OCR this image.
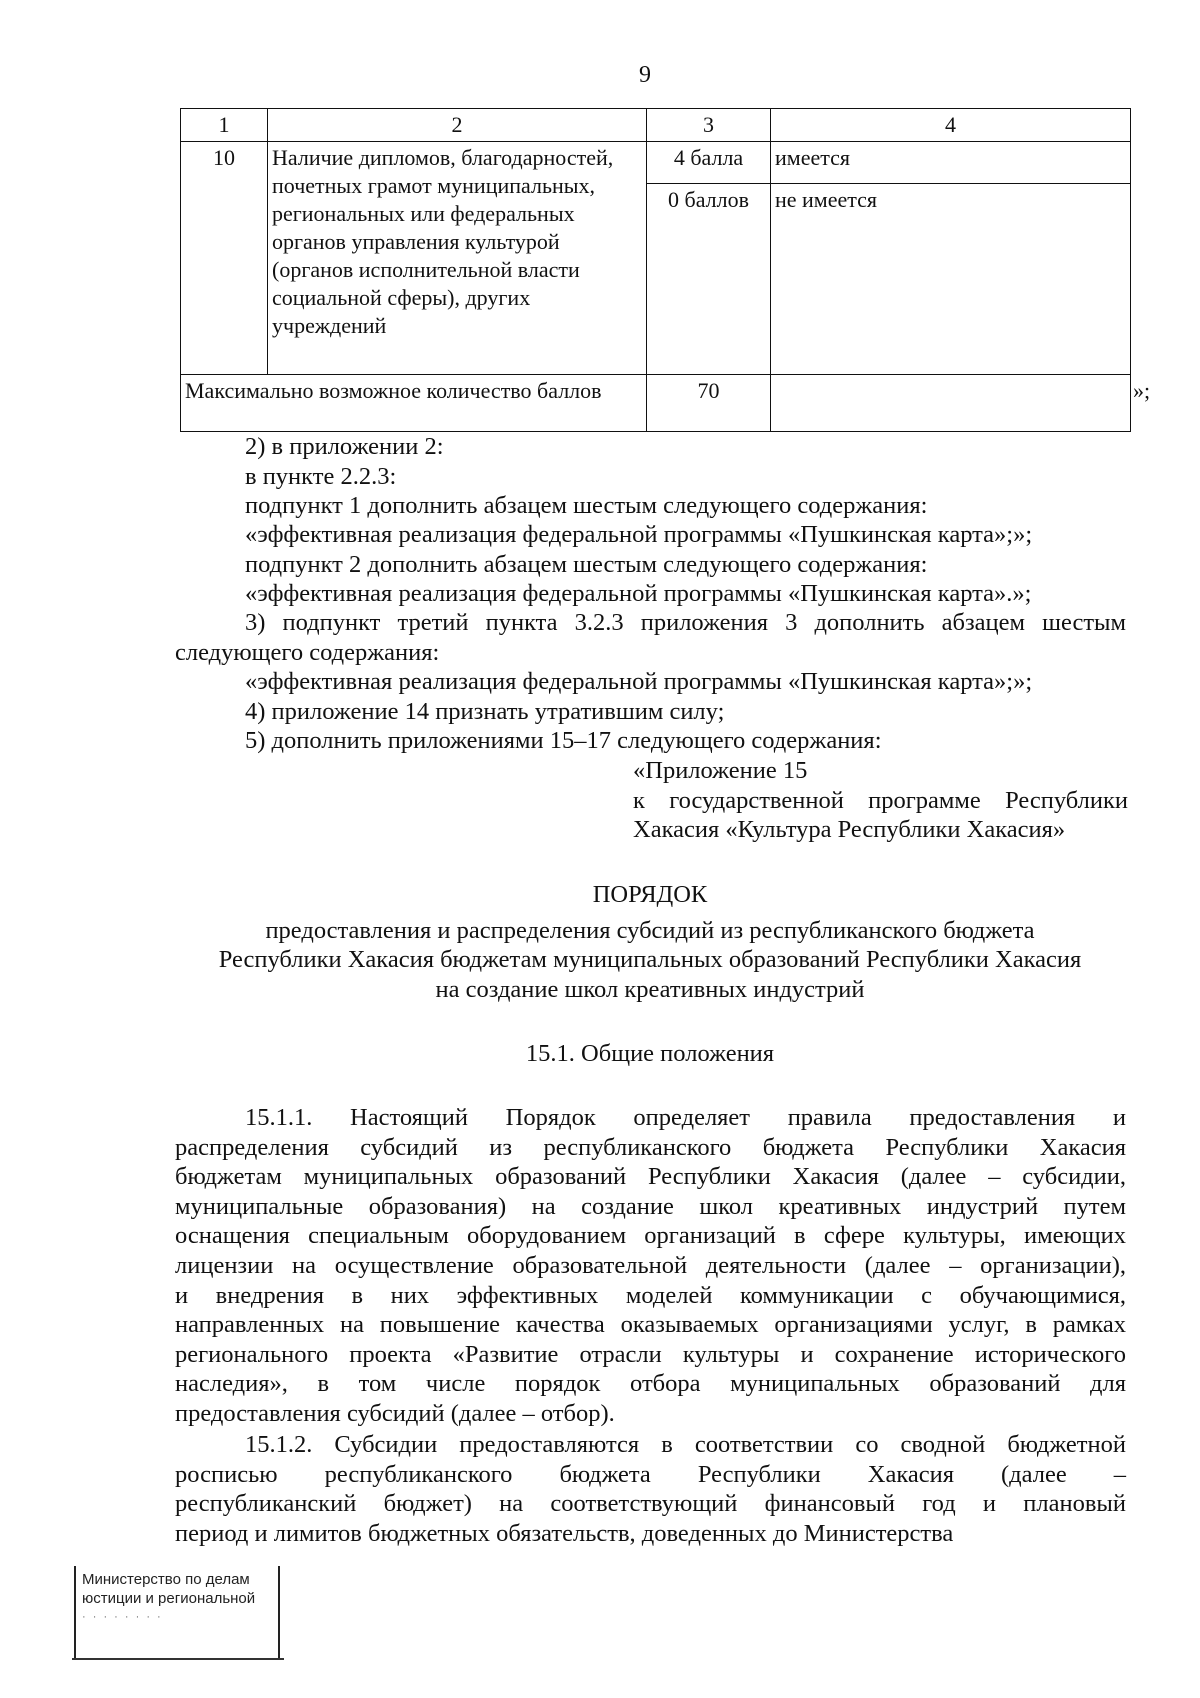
9
1	2	3	4
10	Наличие дипломов, благодарностей, почетных грамот муниципальных, региональных или федеральных органов управления культурой (органов исполнительной власти социальной сферы), других учреждений	4 балла	имеется
		0 баллов	не имеется
Максимально возможное количество баллов		70		»;
2) в приложении 2:
в пункте 2.2.3:
подпункт 1 дополнить абзацем шестым следующего содержания:
«эффективная реализация федеральной программы «Пушкинская карта»;»;
подпункт 2 дополнить абзацем шестым следующего содержания:
«эффективная реализация федеральной программы «Пушкинская карта».»;
3) подпункт третий пункта 3.2.3 приложения 3 дополнить абзацем шестым
следующего содержания:
«эффективная реализация федеральной программы «Пушкинская карта»;»;
4) приложение 14 признать утратившим силу;
5) дополнить приложениями 15–17 следующего содержания:
«Приложение 15
к государственной программе Республики
Хакасия «Культура Республики Хакасия»
ПОРЯДОК
предоставления и распределения субсидий из республиканского бюджета
Республики Хакасия бюджетам муниципальных образований Республики Хакасия
на создание школ креативных индустрий
15.1. Общие положения
15.1.1. Настоящий Порядок определяет правила предоставления и
распределения субсидий из республиканского бюджета Республики Хакасия
бюджетам муниципальных образований Республики Хакасия (далее – субсидии,
муниципальные образования) на создание школ креативных индустрий путем
оснащения специальным оборудованием организаций в сфере культуры, имеющих
лицензии на осуществление образовательной деятельности (далее – организации),
и внедрения в них эффективных моделей коммуникации с обучающимися,
направленных на повышение качества оказываемых организациями услуг, в рамках
регионального проекта «Развитие отрасли культуры и сохранение исторического
наследия», в том числе порядок отбора муниципальных образований для
предоставления субсидий (далее – отбор).
15.1.2. Субсидии предоставляются в соответствии со сводной бюджетной
росписью республиканского бюджета Республики Хакасия (далее –
республиканский бюджет) на соответствующий финансовый год и плановый
период и лимитов бюджетных обязательств, доведенных до Министерства
Министерство по делам
юстиции и региональной
· · · · · · · ·
